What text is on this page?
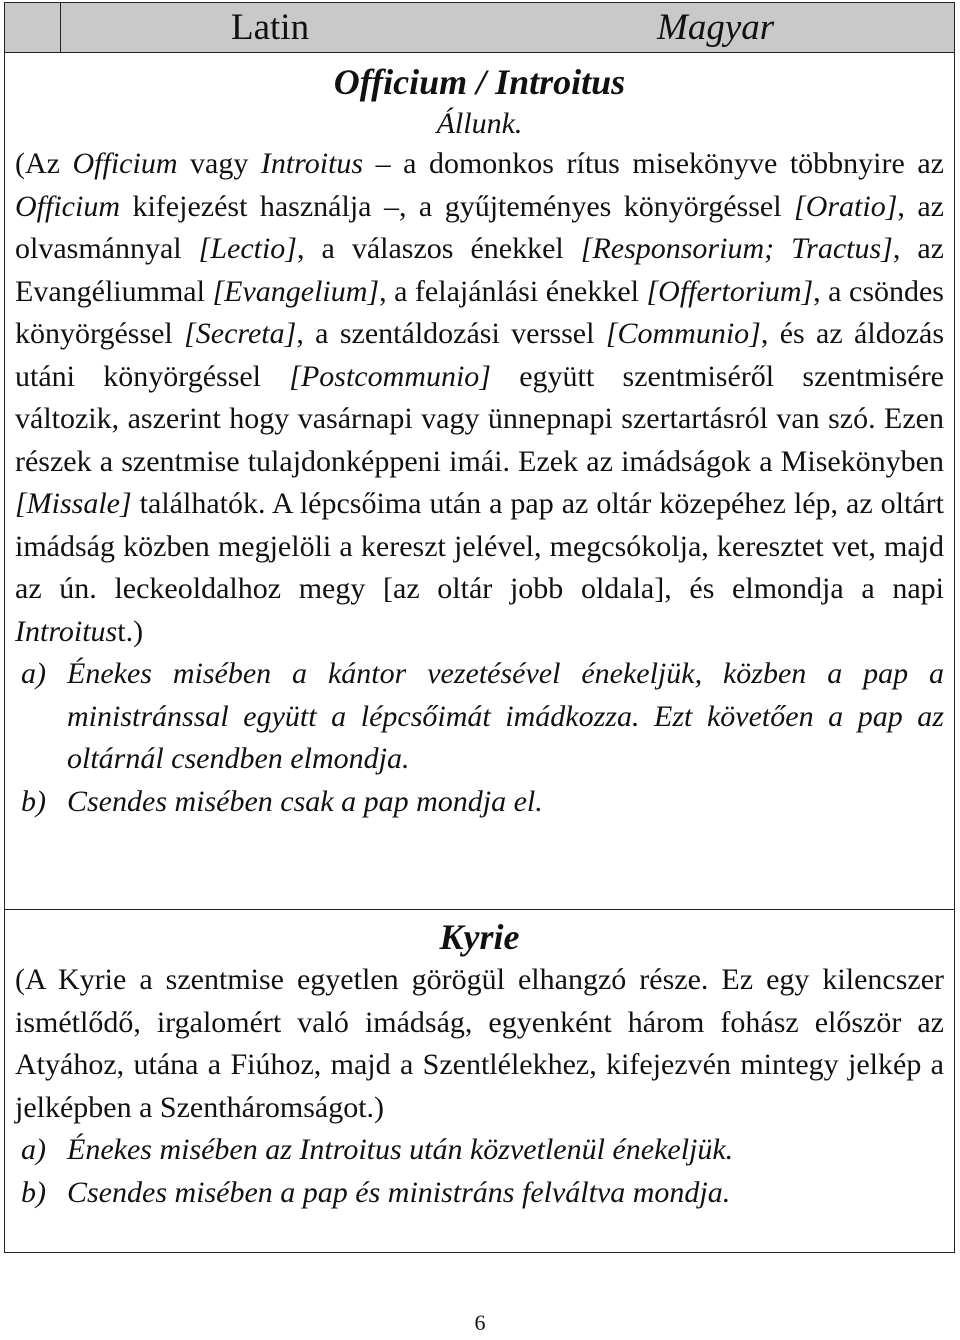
Latin	Magyar

Officium / Introitus

Állunk.

(Az Officium vagy Introitus – a domonkos rítus misekönyve többnyire az Officium kifejezést használja –, a gyűjteményes könyörgéssel [Oratio], az olvasmánnyal [Lectio], a válaszos énekkel [Responsorium; Tractus], az Evangéliummal [Evangelium], a felajánlási énekkel [Offertorium], a csöndes könyörgéssel [Secreta], a szentáldozási verssel [Communio], és az áldozás utáni könyörgéssel [Postcommunio] együtt szentmiséről szentmisére változik, aszerint hogy vasárnapi vagy ünnepnapi szertartásról van szó. Ezen részek a szentmise tulajdonképpeni imái. Ezek az imádságok a Misekönyben [Missale] találhatók. A lépcsőima után a pap az oltár közepéhez lép, az oltárt imádság közben megjelöli a kereszt jelével, megcsókolja, keresztet vet, majd az ún. leckeoldalhoz megy [az oltár jobb oldala], és elmondja a napi Introitust.)

a) Énekes misében a kántor vezetésével énekeljük, közben a pap a ministránssal együtt a lépcsőimát imádkozza. Ezt követően a pap az oltárnál csendben elmondja.
b) Csendes misében csak a pap mondja el.

Kyrie

(A Kyrie a szentmise egyetlen görögül elhangzó része. Ez egy kilencszer ismétlődő, irgalomért való imádság, egyenként három fohász először az Atyához, utána a Fiúhoz, majd a Szentlélekhez, kifejezvén mintegy jelkép a jelképben a Szentháromságot.)

a) Énekes misében az Introitus után közvetlenül énekeljük.
b) Csendes misében a pap és ministráns felváltva mondja.
6
